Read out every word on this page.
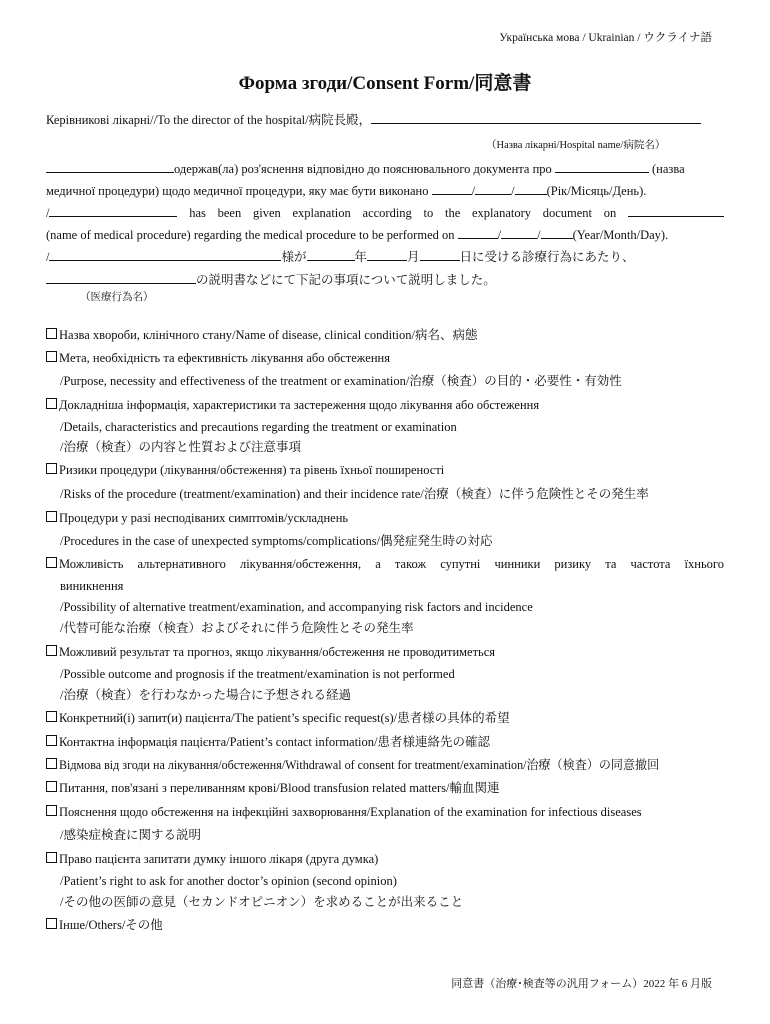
Українська мова / Ukrainian / ウクライナ語
Форма згоди/Consent Form/同意書
Керівникові лікарні//To the director of the hospital/病院長殿，
（Назва лікарні/Hospital name/病院名）
одержав(ла) роз'яснення відповідно до пояснювального документа про	(назва
медичної процедури) щодо медичної процедури, яку має бути виконано	/	/	(Рік/Місяць/День).
/	has been given explanation according to the explanatory document on
(name of medical procedure) regarding the medical procedure to be performed on	/	/	(Year/Month/Day).
/	様が	年	月	日に受ける診療行為にあたり、
の説明書などにて下記の事項について説明しました。
（医療行為名）
Назва хвороби, клінічного стану/Name of disease, clinical condition/病名、病態
Мета, необхідність та ефективність лікування або обстеження
/Purpose, necessity and effectiveness of the treatment or examination/治療（検査）の目的・必要性・有効性
Докладніша інформація, характеристики та застереження щодо лікування або обстеження
/Details, characteristics and precautions regarding the treatment or examination
/治療（検査）の内容と性質および注意事項
Ризики процедури (лікування/обстеження) та рівень їхньої поширеності
/Risks of the procedure (treatment/examination) and their incidence rate/治療（検査）に伴う危険性とその発生率
Процедури у разі несподіваних симптомів/ускладнень
/Procedures in the case of unexpected symptoms/complications/偶発症発生時の対応
Можливість альтернативного лікування/обстеження, а також супутні чинники ризику та частота їхнього
виникнення
/Possibility of alternative treatment/examination, and accompanying risk factors and incidence
/代替可能な治療（検査）およびそれに伴う危険性とその発生率
Можливий результат та прогноз, якщо лікування/обстеження не проводитиметься
/Possible outcome and prognosis if the treatment/examination is not performed
/治療（検査）を行わなかった場合に予想される経過
Конкретний(і) запит(и) пацієнта/The patient’s specific request(s)/患者様の具体的希望
Контактна інформація пацієнта/Patient’s contact information/患者様連絡先の確認
Відмова від згоди на лікування/обстеження/Withdrawal of consent for treatment/examination/治療（検査）の同意撤回
Питання, пов'язані з переливанням крові/Blood transfusion related matters/輸血関連
Пояснення щодо обстеження на інфекційні захворювання/Explanation of the examination for infectious diseases
/感染症検査に関する説明
Право пацієнта запитати думку іншого лікаря (друга думка)
/Patient’s right to ask for another doctor’s opinion (second opinion)
/その他の医師の意見（セカンドオピニオン）を求めることが出来ること
Інше/Others/その他
同意書（治療･検査等の汎用フォーム）2022 年 6 月版
